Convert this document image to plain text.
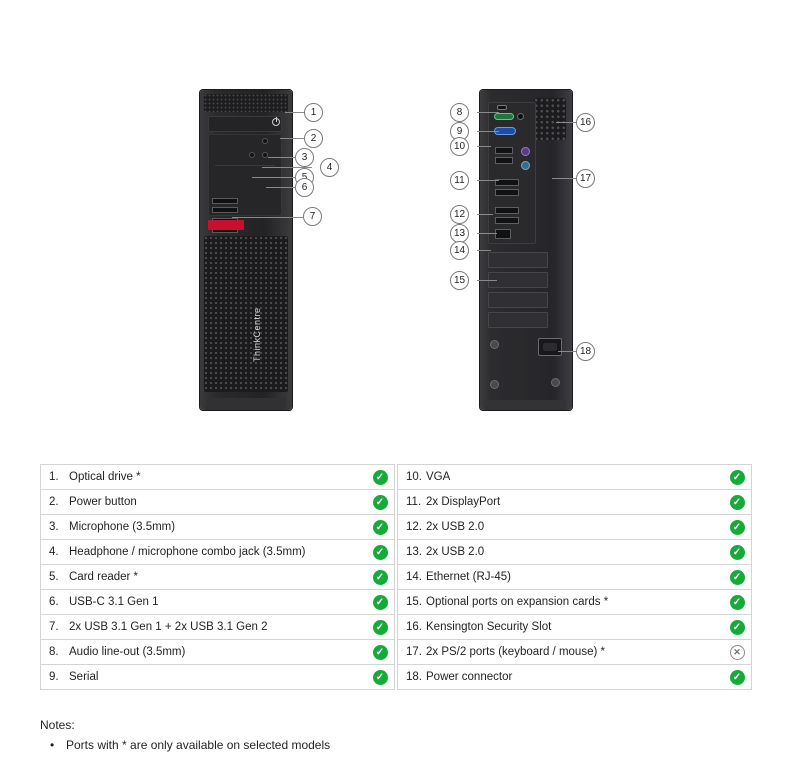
ThinkCentre
1
2
3
4
6
7
8
9
10
11
12
13
14
15
16
17
18
1. Optical drive *	✓
2. Power button	✓
3. Microphone (3.5mm)	✓
4. Headphone / microphone combo jack (3.5mm)	✓
5. Card reader *	✓
6. USB-C 3.1 Gen 1	✓
7. 2x USB 3.1 Gen 1 + 2x USB 3.1 Gen 2	✓
8. Audio line-out (3.5mm)	✓
9. Serial	✓
10. VGA	✓
11. 2x DisplayPort	✓
12. 2x USB 2.0	✓
13. 2x USB 2.0	✓
14. Ethernet (RJ-45)	✓
15. Optional ports on expansion cards *	✓
16. Kensington Security Slot	✓
17. 2x PS/2 ports (keyboard / mouse) *	✕
18. Power connector	✓
Notes:
• Ports with * are only available on selected models
